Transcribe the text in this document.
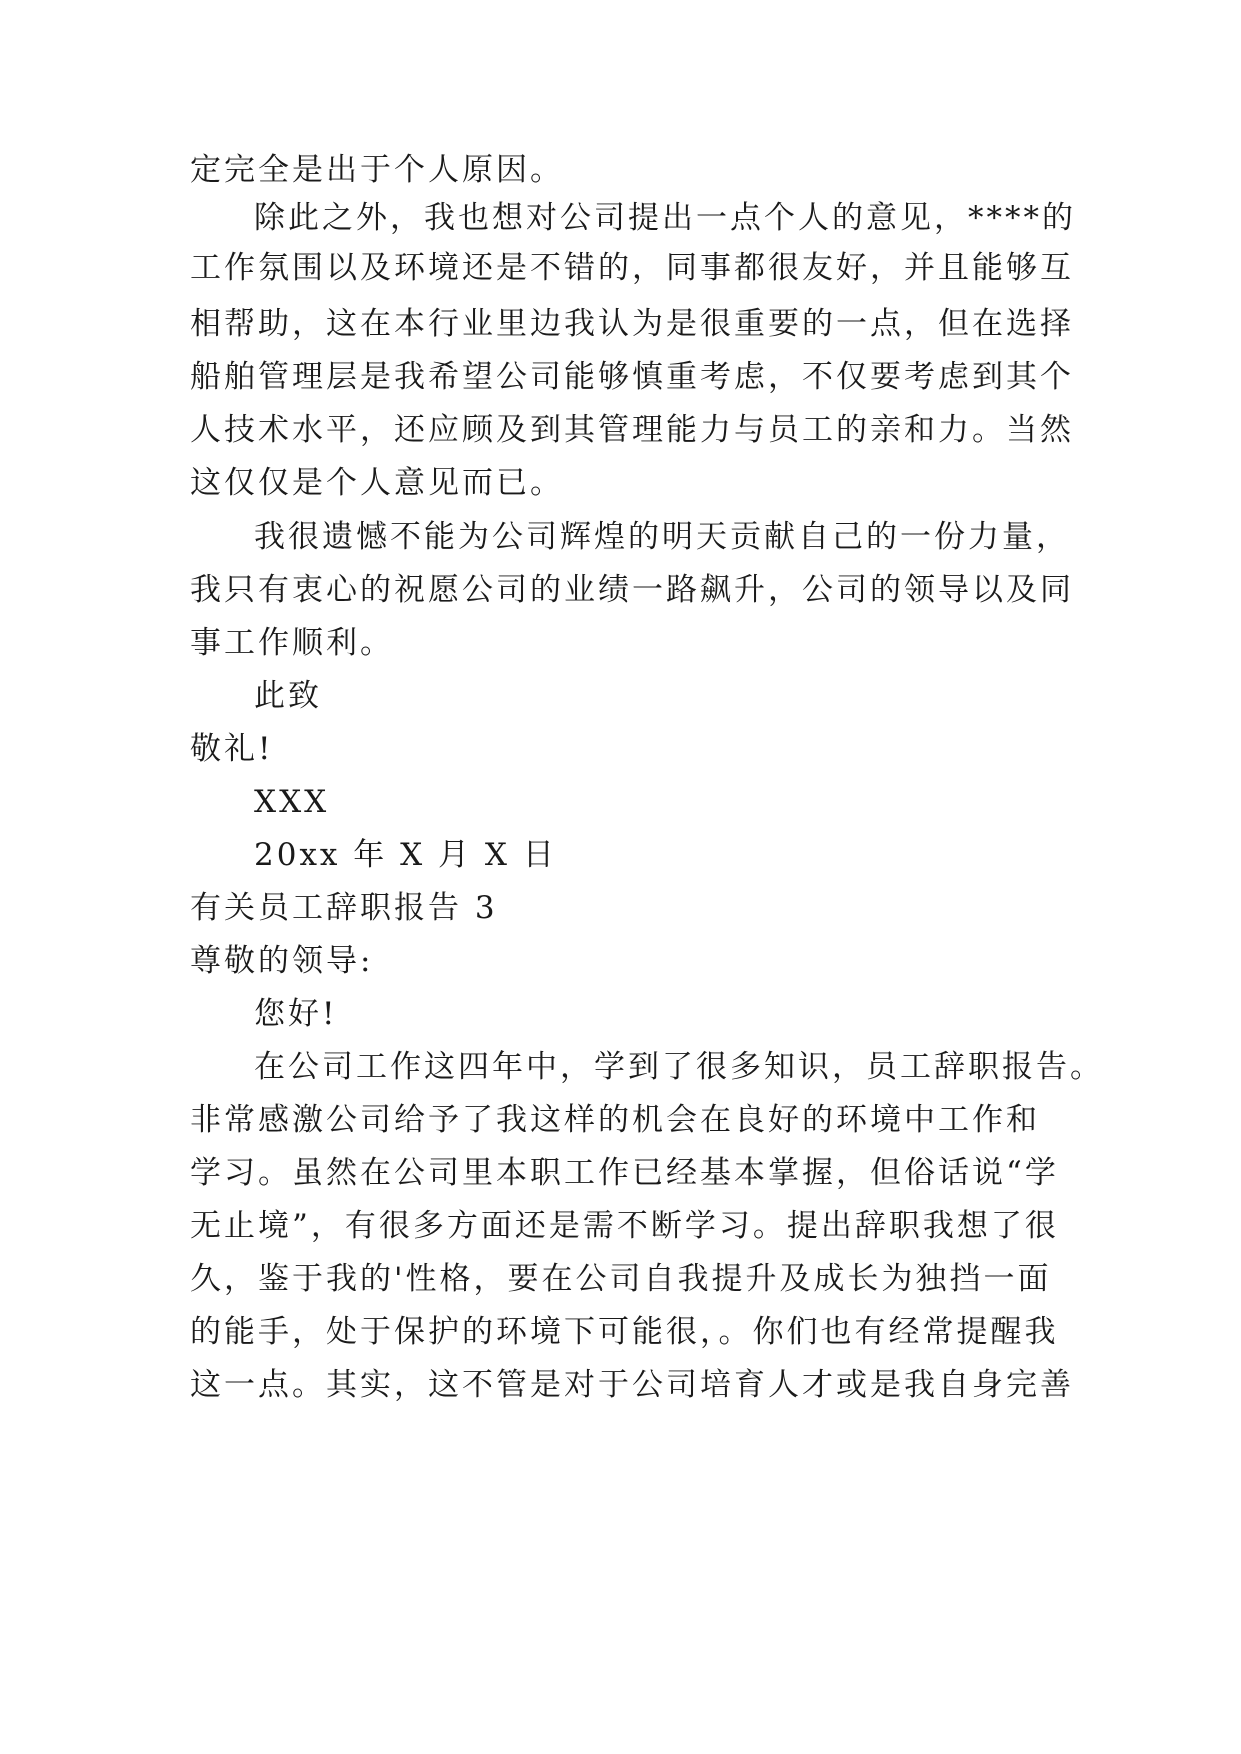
定完全是出于个人原因。

除此之外，我也想对公司提出一点个人的意见，****的

工作氛围以及环境还是不错的，同事都很友好，并且能够互

相帮助，这在本行业里边我认为是很重要的一点，但在选择

船舶管理层是我希望公司能够慎重考虑，不仅要考虑到其个

人技术水平，还应顾及到其管理能力与员工的亲和力。当然

这仅仅是个人意见而已。

我很遗憾不能为公司辉煌的明天贡献自己的一份力量，

我只有衷心的祝愿公司的业绩一路飙升，公司的领导以及同

事工作顺利。

此致

敬礼!

XXX

20xx 年 X 月 X 日

有关员工辞职报告 3

尊敬的领导:

您好!

在公司工作这四年中，学到了很多知识，员工辞职报告。

非常感激公司给予了我这样的机会在良好的环境中工作和

学习。虽然在公司里本职工作已经基本掌握，但俗话说“学

无止境”，有很多方面还是需不断学习。提出辞职我想了很

久，鉴于我的'性格，要在公司自我提升及成长为独挡一面

的能手，处于保护的环境下可能很，。你们也有经常提醒我

这一点。其实，这不管是对于公司培育人才或是我自身完善
